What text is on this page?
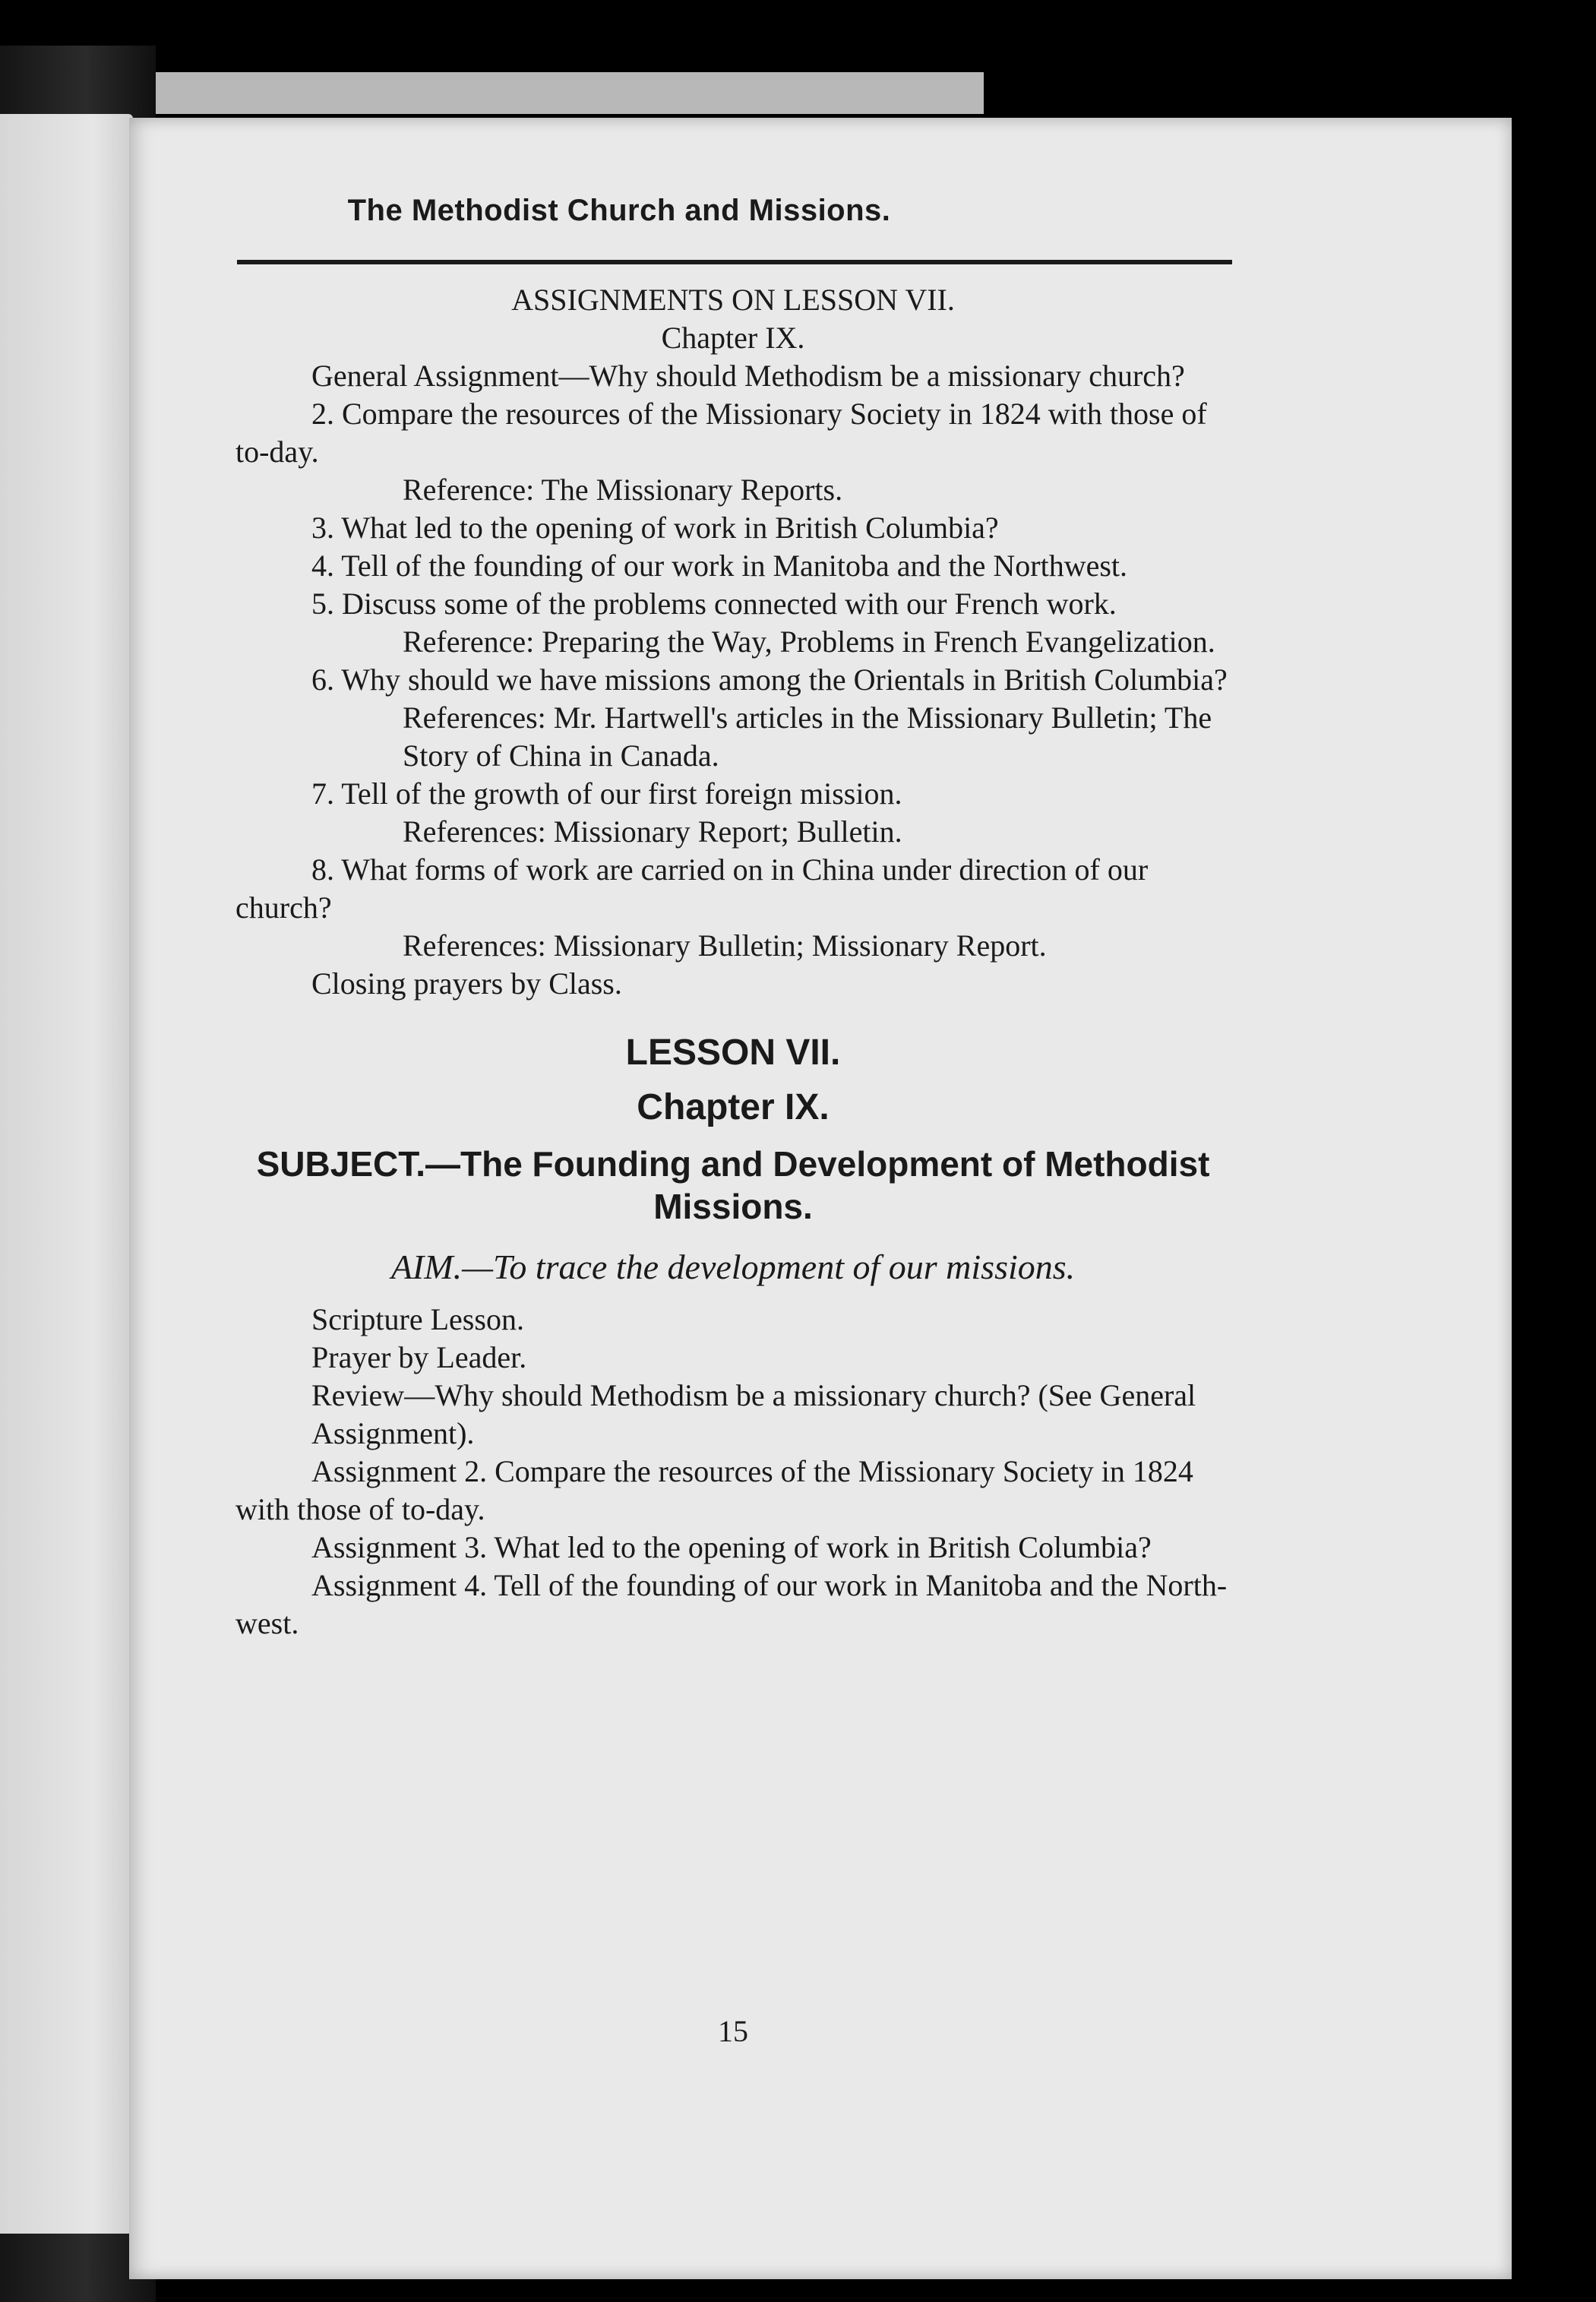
The Methodist Church and Missions.
ASSIGNMENTS ON LESSON VII.
Chapter IX.

General Assignment—Why should Methodism be a missionary church?

2. Compare the resources of the Missionary Society in 1824 with those of to-day.

Reference: The Missionary Reports.

3. What led to the opening of work in British Columbia?

4. Tell of the founding of our work in Manitoba and the Northwest.

5. Discuss some of the problems connected with our French work.

Reference: Preparing the Way, Problems in French Evangelization.

6. Why should we have missions among the Orientals in British Columbia?

References: Mr. Hartwell's articles in the Missionary Bulletin; The Story of China in Canada.

7. Tell of the growth of our first foreign mission.

References: Missionary Report; Bulletin.

8. What forms of work are carried on in China under direction of our church?

References: Missionary Bulletin; Missionary Report.

Closing prayers by Class.

LESSON VII.
Chapter IX.
SUBJECT.—The Founding and Development of Methodist Missions.
AIM.—To trace the development of our missions.

Scripture Lesson.

Prayer by Leader.

Review—Why should Methodism be a missionary church? (See General Assignment).

Assignment 2. Compare the resources of the Missionary Society in 1824 with those of to-day.

Assignment 3. What led to the opening of work in British Columbia?

Assignment 4. Tell of the founding of our work in Manitoba and the North-west.

15
